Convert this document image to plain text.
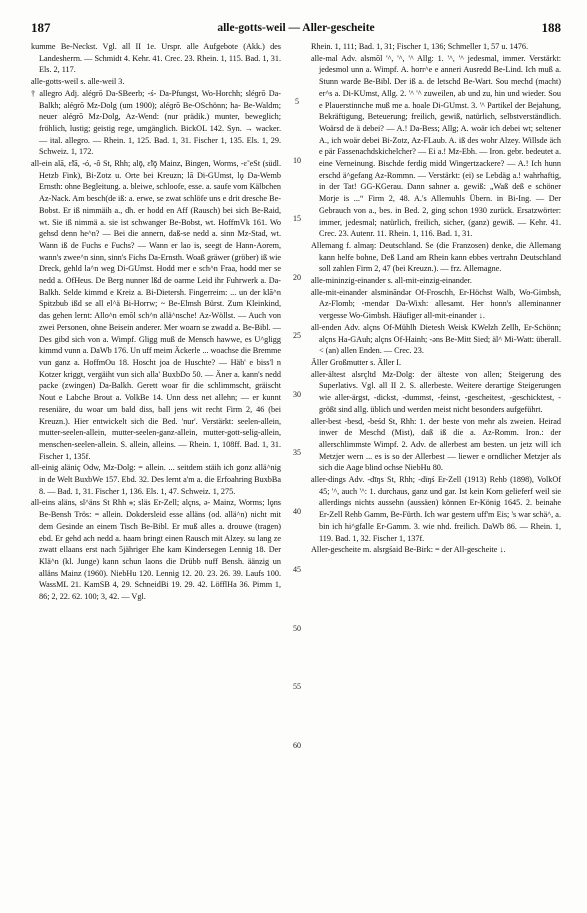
187	alle-gotts-weil — Aller-gescheite	188

kumme Be-Neckst. Vgl. all II 1e. Urspr. alle Aufgebote (Akk.) des Landesherrn. — Schmidt 4. Kehr. 41. Crec. 23. Rhein. 1, 115. Bad. 1, 31. Els. 2, 117.

alle-gotts-weil s. alle-weil 3.

† allegro Adj. aléɡrō Da-SBeerb; -ś- Da-Pfungst, Wo-Horchh; sléɡrō Da-Balkh; aléɡrō Mz-Dolg (um 1900); aléɡrō Be-OSchönn; ha- Be-Waldm; neuer aléɡrō Mz-Dolg, Az-Wend: (nur prädik.) munter, beweglich; fröhlich, lustig; geistig rege, umgänglich. BickOL 142. Syn. → wacker. — ital. allegro. — Rhein. 1, 125. Bad. 1, 31. Fischer 1, 135. Els. 1, 29. Schweiz. 1, 172.

all-ein alā, ɛ̃lā, -ó, -ô St, Rhh; alǭ, ɛ̃lǭ Mainz, Bingen, Worms, -ɛ̃ eSt (südl. Hetzb Fink), Bi-Zotz u. Orte bei Kreuzn; lā Di-GUmst, lǫ Da-Wemb Ernsth: ohne Begleitung. a. bleiwe, schloofe, esse. a. saufe vom Kälbchen Az-Nack. Am besch(de iß: a. erwe, se zwat schlöfe uns e drit dresche Be-Bobst. Er iß nimmäih a., dh. er hodd en Aff (Rausch) bei sich Be-Raid, wt. Sie iß nimmä a. sie ist schwanger Be-Bobst, wt. HoffmVk 161. Wo gehsd denn he^n? — Bei die annern, daß-se nedd a. sinn Mz-Stad, wt. Wann iß de Fuchs e Fuchs? — Wann er lao is, seegt de Hann-Aorem, wann's zwee^n sinn, sinn's Fichs Da-Ernsth. Woaß gräwer (gröber) iß wie Dreck, gehld la^n weg Di-GUmst. Hodd mer e sch^n Fraa, hodd mer se nedd a. OfHeus. De Berg nunner lßd de oarme Leid ihr Fuhrwerk a. Da-Balkh. Selde kimmd e Kreiz a. Bi-Dietersh. Fingerreim: ... un der klā^n Spitzbub ißd se all el^ä Bi-Horrw; ~ Be-Elmsh Bürst. Zum Kleinkind, das gehen lernt: Allo^n emõl sch^n allä^nsche! Az-Wöllst. — Auch von zwei Personen, ohne Beisein anderer. Mer woarn se zwadd a. Be-Bibl. — Des gibd sich von a. Wimpf. Gligg muß de Mensch hawwe, es U^gligg kimmd vunn a. DaWb 176. Un uff meim Äckerle ... woachse die Bremme vun ganz a. HoffmOu 18. Hoscht joa de Huschte? — Häb' e biss'l n Kotzer kriggt, vergäiht vun sich alla' BuxbDo 50. — Äner a. kann's nedd packe (zwingen) Da-Balkh. Gerett woar fir die schlimmscht, gräischt Nout e Labche Brout a. VolkBe 14. Unn dess net allehn; — er kunnt reseniäre, du woar um bald diss, ball jens wit recht Firm 2, 46 (bei Kreuzn.). Hier entwickelt sich die Bed. 'nur'. Verstärkt: seelen-allein, mutter-seelen-allein, mutter-seelen-ganz-allein, mutter-gott-selig-allein, menschen-seelen-allein. S. allein, alleins. — Rhein. 1, 108ff. Bad. 1, 31. Fischer 1, 135f.

all-einig aläniç Odw, Mz-Dolg: = allein. ... seitdem stäih ich gonz allä^nig in de Welt BuxbWe 157. Ebd. 32. Des lernt a'm a. die Erfoahring BuxbBa 8. — Bad. 1, 31. Fischer 1, 136. Els. 1, 47. Schweiz. 1, 275.

all-eins aläns, sl^äns St Rhh ⁎; släs Er-Zell; alçns, ə- Mainz, Worms; lǫns Be-Bensh Trös: = allein. Dokdersleid esse alläns (od. allä^n) nicht mit dem Gesinde an einem Tisch Be-Bibl. Er muß alles a. drouwe (tragen) ebd. Er gehd ach nedd a. haam bringt einen Rausch mit Alzey. su lang ze zwatt ellaans erst nach 5jähriger Ehe kam Kindersegen Lennig 18. Der Klä^n (kl. Junge) kann schun laons die Drübb nuff Bensh. äänzig un alläns Mainz (1960). NiebHu 120. Lennig 12. 20. 23. 26. 39. Laufs 100. WassML 21. KamSB 4, 29. SchneidBi 19. 29. 42. LöfflHa 36. Pimm 1, 86; 2, 22. 62. 100; 3, 42. — Vgl.

Rhein. 1, 111; Bad. 1, 31; Fischer 1, 136; Schmeller 1, 57 u. 1476.

alle-mal Adv. alsmōl '^, '^, '^ Allg: 1. '^, '^ jedesmal, immer. Verstärkt: jedesmol unn a. Wimpf. A. horr^e e anneri Ausredd Be-Lind. Ich muß a. Stunn warde Be-Bibl. Der iß a. de letschd Be-Wart. Sou mechd (macht) er^s a. Di-KUmst, Allg. 2. '^ '^ zuweilen, ab und zu, hin und wieder. Sou e Plauerstinnche muß me a. hoale Di-GUmst. 3. '^ Partikel der Bejahung, Bekräftigung, Beteuerung; freilich, gewiß, natürlich, selbstverständlich. Woärsd de ä debei? — A.! Da-Bess; Allg; A. woär ich debei wt; seltener A., ich woär debei Bi-Zotz, Az-FLaub. A. iß des wohr Alzey. Willsde äch e pär Fassenachdskichelcher? — Ei a.! Mz-Ebh. — Iron. gebr. bedeutet a. eine Verneinung. Bischde ferdig midd Wingertzackere? — A.! Ich hunn erschd ä^gefang Az-Rommn. — Verstärkt: (ei) se Lebdäg a.! wahrhaftig, in der Tat! GG-KGerau. Dann sahner a. gewiß: „Waß deß e schöner Morje is ...“ Firm 2, 48. A.'s Allemuhls Übern. in Bi-Ing. — Der Gebrauch von a., bes. in Bed. 2, ging schon 1930 zurück. Ersatzwörter: immer, jedesmal; natürlich, freilich, sicher, (ganz) gewiß. — Kehr. 41. Crec. 23. Autenr. 11. Rhein. 1, 116. Bad. 1, 31.

Allemang f. almaŋ: Deutschland. Se (die Franzosen) denke, die Allemang kann helfe bohne, Deß Land am Rhein kann ebbes vertrahn Deutschland soll zahlen Firm 2, 47 (bei Kreuzn.). — frz. Allemagne.

alle-mininzig-einander s. all-mit-einzig-einander.

alle-mit-einander alsmināndər Of-Froschh, Er-Höchst Walb, Wo-Gimbsh, Az-Flomb; -mendər Da-Wixh: allesamt. Her honn's alleminanner vergesse Wo-Gimbsh. Häufiger all-mit-einander ↓.

all-enden Adv. alçns Of-Mühlh Dietesh Weisk KWelzh Zellh, Er-Schönn; alçns Ha-GAuh; alçns Of-Hainh; -əns Be-Mitt Sied; äl^ Mi-Watt: überall. < (an) allen Enden. — Crec. 23.

Äller Großmutter s. Äller I.

aller-ältest alsrçltd Mz-Dolg: der älteste von allen; Steigerung des Superlativs. Vgl. all II 2. S. allerbeste. Weitere derartige Steigerungen wie aller-ärgst, -dickst, -dummst, -feinst, -gescheitest, -geschicktest, -größt sind allg. üblich und werden meist nicht besonders aufgeführt.

aller-best -besd, -beśd St, Rhh: 1. der beste von mehr als zweien. Heirad inwer de Meschd (Mist), daß iß die a. Az-Romm. Iron.: der allerschlimmste Wimpf. 2. Adv. de allerbest am besten. un jetz will ich Metzjer wern ... es is so der Allerbest — liewer e orndlicher Metzjer als sich die Aage blind ochse NiebHu 80.

aller-dings Adv. -dīŋs St, Rhh; -dïŋś Er-Zell (1913) Rehb (1898), VolkOf 45; '^, auch '^: 1. durchaus, ganz und gar. Ist kein Korn gelieferf weil sie allerdings nichts aussehn (aussäen) können Er-König 1645. 2. beinahe Er-Zell Rehb Gamm, Be-Fürth. Ich war gestern uff'm Eis; 's war schä^, a. bin ich hi^gfalle Er-Gamm. 3. wie nhd. freilich. DaWb 86. — Rhein. 1, 119. Bad. 1, 32. Fischer 1, 137f.

Aller-gescheite m. alsrgśaid Be-Birk: = der All-gescheite ↓.

5
10
15
20
25
30
35
40
45
50
55
60
